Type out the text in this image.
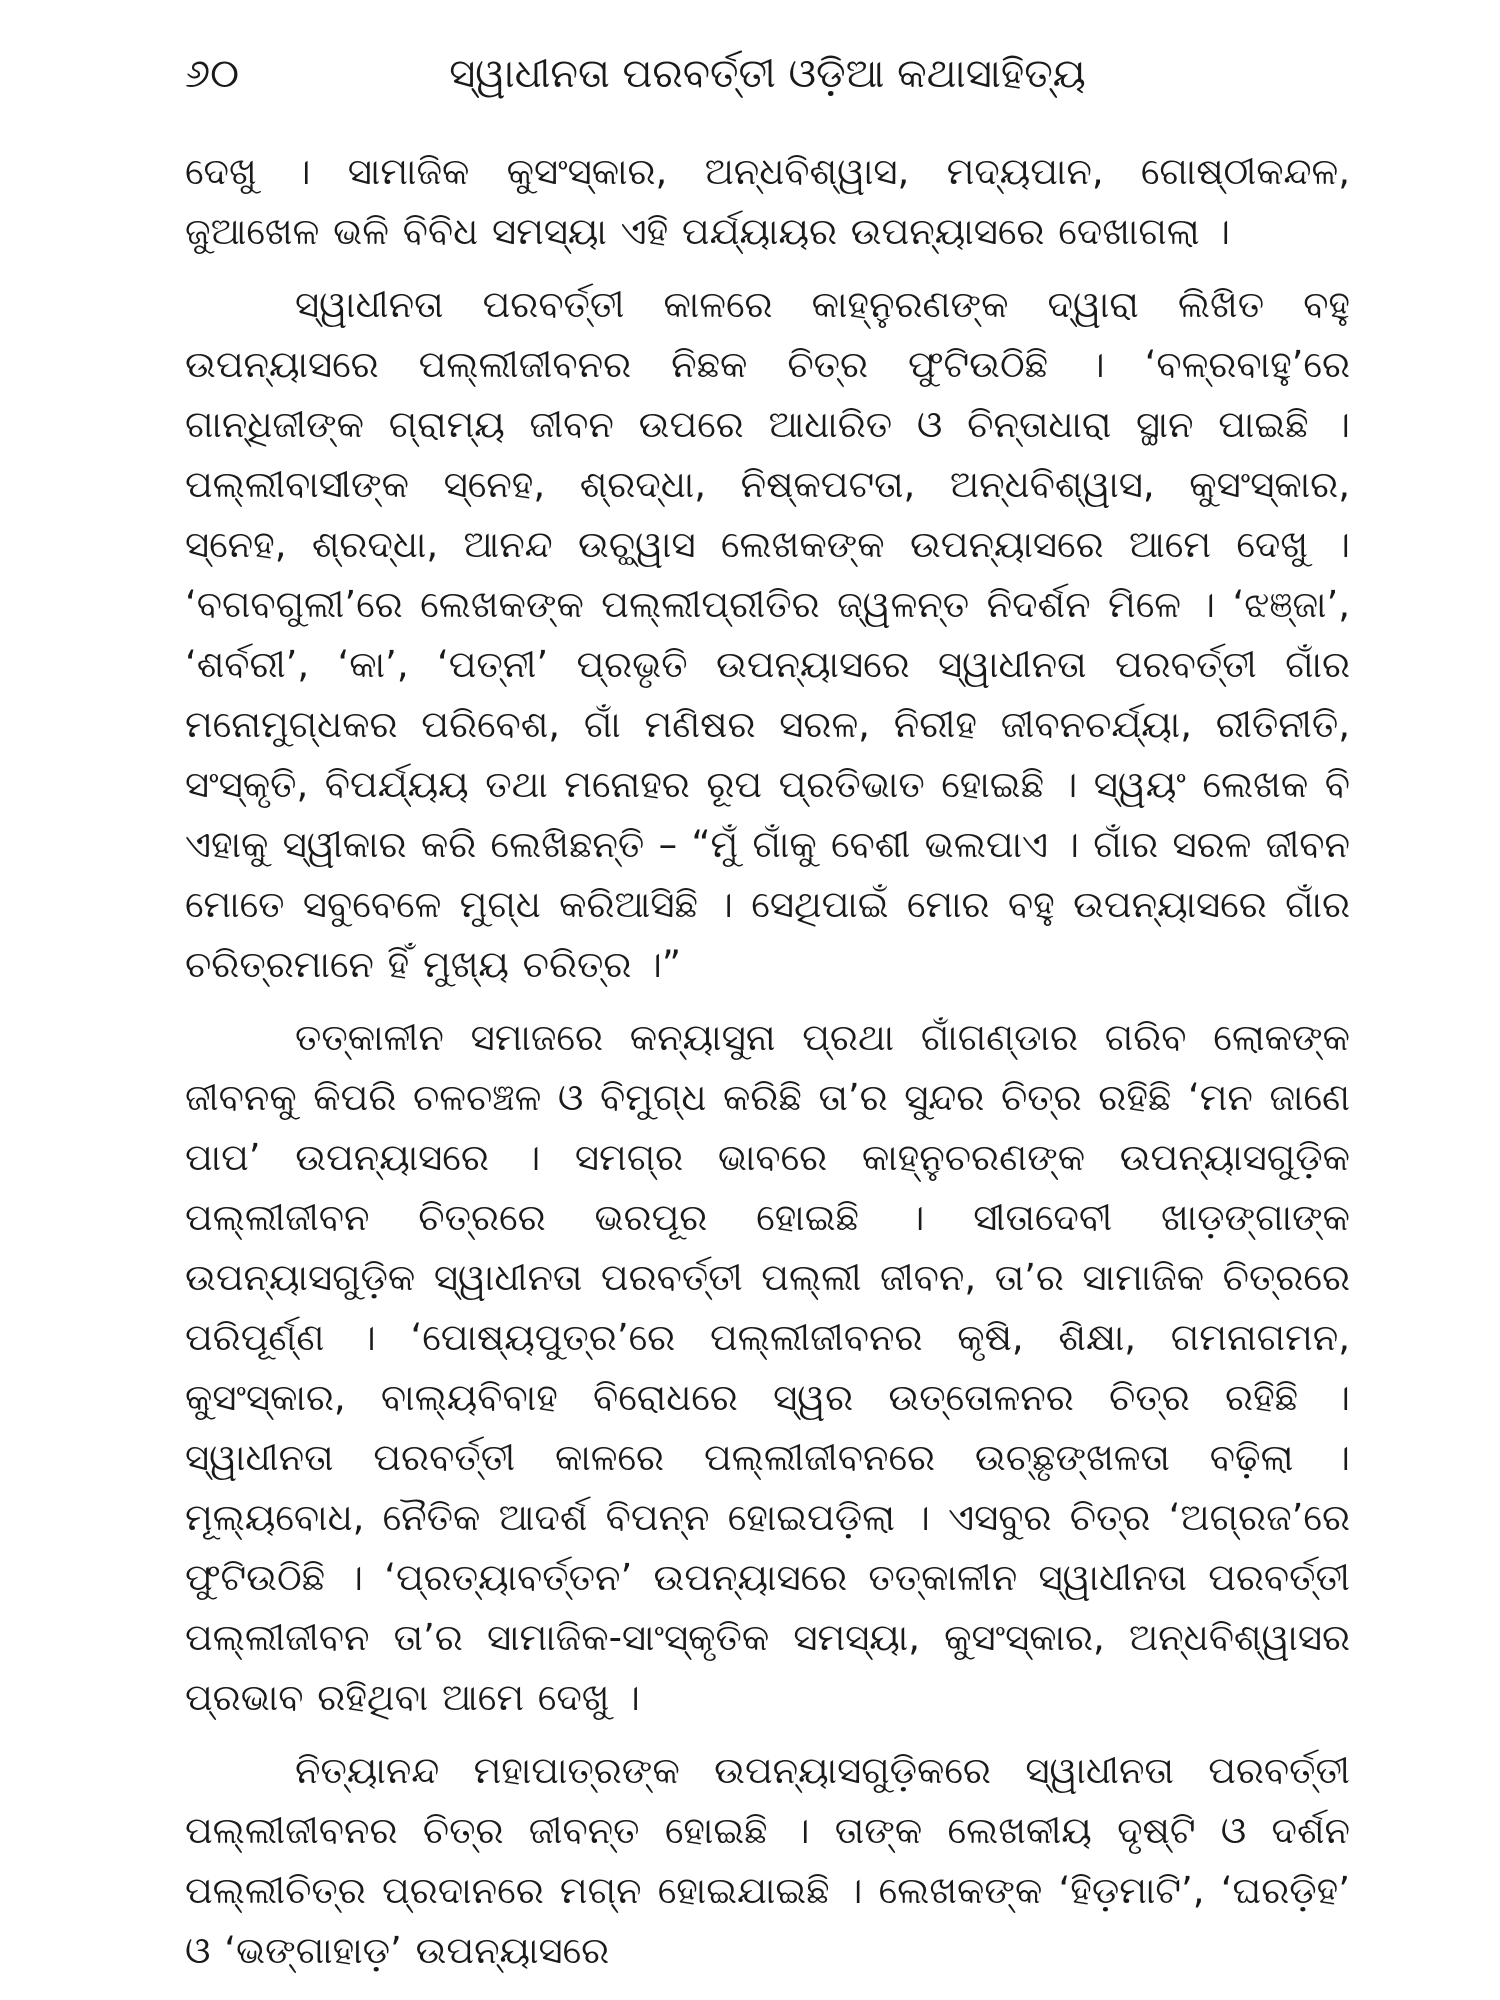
୬୦	ସ୍ୱାଧୀନତା ପରବର୍ତ୍ତୀ ଓଡ଼ିଆ କଥାସାହିତ୍ୟ

ଦେଖୁ । ସାମାଜିକ କୁସଂସ୍କାର, ଅନ୍ଧବିଶ୍ୱାସ, ମଦ୍ୟପାନ, ଗୋଷ୍ଠୀକନ୍ଦଳ, ଜୁଆଖେଳ ଭଳି ବିବିଧ ସମସ୍ୟା ଏହି ପର୍ଯ୍ୟାୟର ଉପନ୍ୟାସରେ ଦେଖାଗଲା ।

ସ୍ୱାଧୀନତା ପରବର୍ତ୍ତୀ କାଳରେ କାହ୍ନୁରଣଙ୍କ ଦ୍ୱାରା ଲିଖିତ ବହୁ ଉପନ୍ୟାସରେ ପଲ୍ଲୀଜୀବନର ନିଛକ ଚିତ୍ର ଫୁଟିଉଠିଛି । ‘ବଳ୍ରବାହୁ’ରେ ଗାନ୍ଧିଜୀଙ୍କ ଗ୍ରାମ୍ୟ ଜୀବନ ଉପରେ ଆଧାରିତ ଓ ଚିନ୍ତାଧାରା ସ୍ଥାନ ପାଇଛି । ପଲ୍ଲୀବାସୀଙ୍କ ସ୍ନେହ, ଶ୍ରଦ୍ଧା, ନିଷ୍କପଟତା, ଅନ୍ଧବିଶ୍ୱାସ, କୁସଂସ୍କାର, ସ୍ନେହ, ଶ୍ରଦ୍ଧା, ଆନନ୍ଦ ଉଚ୍ଛ୍ୱାସ ଲେଖକଙ୍କ ଉପନ୍ୟାସରେ ଆମେ ଦେଖୁ । ‘ବଗବଗୁଲୀ’ରେ ଲେଖକଙ୍କ ପଲ୍ଲୀପ୍ରୀତିର ଜ୍ୱଳନ୍ତ ନିଦର୍ଶନ ମିଳେ । ‘ଝଞ୍ଜା’, ‘ଶର୍ବରୀ’, ‘କା’, ‘ପତ୍ନୀ’ ପ୍ରଭୃତି ଉପନ୍ୟାସରେ ସ୍ୱାଧୀନତା ପରବର୍ତ୍ତୀ ଗାଁର ମନୋମୁଗ୍ଧକର ପରିବେଶ, ଗାଁ ମଣିଷର ସରଳ, ନିରୀହ ଜୀବନଚର୍ଯ୍ୟା, ରୀତିନୀତି, ସଂସ୍କୃତି, ବିପର୍ଯ୍ୟୟ ତଥା ମନୋହର ରୂପ ପ୍ରତିଭାତ ହୋଇଛି । ସ୍ୱୟଂ ଲେଖକ ବି ଏହାକୁ ସ୍ୱୀକାର କରି ଲେଖିଛନ୍ତି – “ମୁଁ ଗାଁକୁ ବେଶୀ ଭଲପାଏ । ଗାଁର ସରଳ ଜୀବନ ମୋତେ ସବୁବେଳେ ମୁଗ୍ଧ କରିଆସିଛି । ସେଥିପାଇଁ ମୋର ବହୁ ଉପନ୍ୟାସରେ ଗାଁର ଚରିତ୍ରମାନେ ହିଁ ମୁଖ୍ୟ ଚରିତ୍ର ।”

ତତ୍କାଳୀନ ସମାଜରେ କନ୍ୟାସୁନା ପ୍ରଥା ଗାଁଗଣ୍ଡାର ଗରିବ ଲୋକଙ୍କ ଜୀବନକୁ କିପରି ଚଳଚଞ୍ଚଳ ଓ ବିମୁଗ୍ଧ କରିଛି ତା’ର ସୁନ୍ଦର ଚିତ୍ର ରହିଛି ‘ମନ ଜାଣେ ପାପ’ ଉପନ୍ୟାସରେ । ସମଗ୍ର ଭାବରେ କାହ୍ନୁଚରଣଙ୍କ ଉପନ୍ୟାସଗୁଡ଼ିକ ପଲ୍ଲୀଜୀବନ ଚିତ୍ରରେ ଭରପୂର ହୋଇଛି । ସୀତାଦେବୀ ଖାଡ଼ଙ୍ଗାଙ୍କ ଉପନ୍ୟାସଗୁଡ଼ିକ ସ୍ୱାଧୀନତା ପରବର୍ତ୍ତୀ ପଲ୍ଲୀ ଜୀବନ, ତା’ର ସାମାଜିକ ଚିତ୍ରରେ ପରିପୂର୍ଣ୍ଣ । ‘ପୋଷ୍ୟପୁତ୍ର’ରେ ପଲ୍ଲୀଜୀବନର କୃଷି, ଶିକ୍ଷା, ଗମନାଗମନ, କୁସଂସ୍କାର, ବାଲ୍ୟବିବାହ ବିରୋଧରେ ସ୍ୱର ଉତ୍ତୋଳନର ଚିତ୍ର ରହିଛି । ସ୍ୱାଧୀନତା ପରବର୍ତ୍ତୀ କାଳରେ ପଲ୍ଲୀଜୀବନରେ ଉଚ୍ଛୃଙ୍ଖଳତା ବଢ଼ିଲା । ମୂଲ୍ୟବୋଧ, ନୈତିକ ଆଦର୍ଶ ବିପନ୍ନ ହୋଇପଡ଼ିଲା । ଏସବୁର ଚିତ୍ର ‘ଅଗ୍ରଜ’ରେ ଫୁଟିଉଠିଛି । ‘ପ୍ରତ୍ୟାବର୍ତ୍ତନ’ ଉପନ୍ୟାସରେ ତତ୍କାଳୀନ ସ୍ୱାଧୀନତା ପରବର୍ତ୍ତୀ ପଲ୍ଲୀଜୀବନ ତା’ର ସାମାଜିକ-ସାଂସ୍କୃତିକ ସମସ୍ୟା, କୁସଂସ୍କାର, ଅନ୍ଧବିଶ୍ୱାସର ପ୍ରଭାବ ରହିଥିବା ଆମେ ଦେଖୁ ।

ନିତ୍ୟାନନ୍ଦ ମହାପାତ୍ରଙ୍କ ଉପନ୍ୟାସଗୁଡ଼ିକରେ ସ୍ୱାଧୀନତା ପରବର୍ତ୍ତୀ ପଲ୍ଲୀଜୀବନର ଚିତ୍ର ଜୀବନ୍ତ ହୋଇଛି । ତାଙ୍କ ଲେଖକୀୟ ଦୃଷ୍ଟି ଓ ଦର୍ଶନ ପଲ୍ଲୀଚିତ୍ର ପ୍ରଦାନରେ ମଗ୍ନ ହୋଇଯାଇଛି । ଲେଖକଙ୍କ ‘ହିଡ଼ମାଟି’, ‘ଘରଡ଼ିହ’ ଓ ‘ଭଙ୍ଗାହାଡ଼’ ଉପନ୍ୟାସରେ
